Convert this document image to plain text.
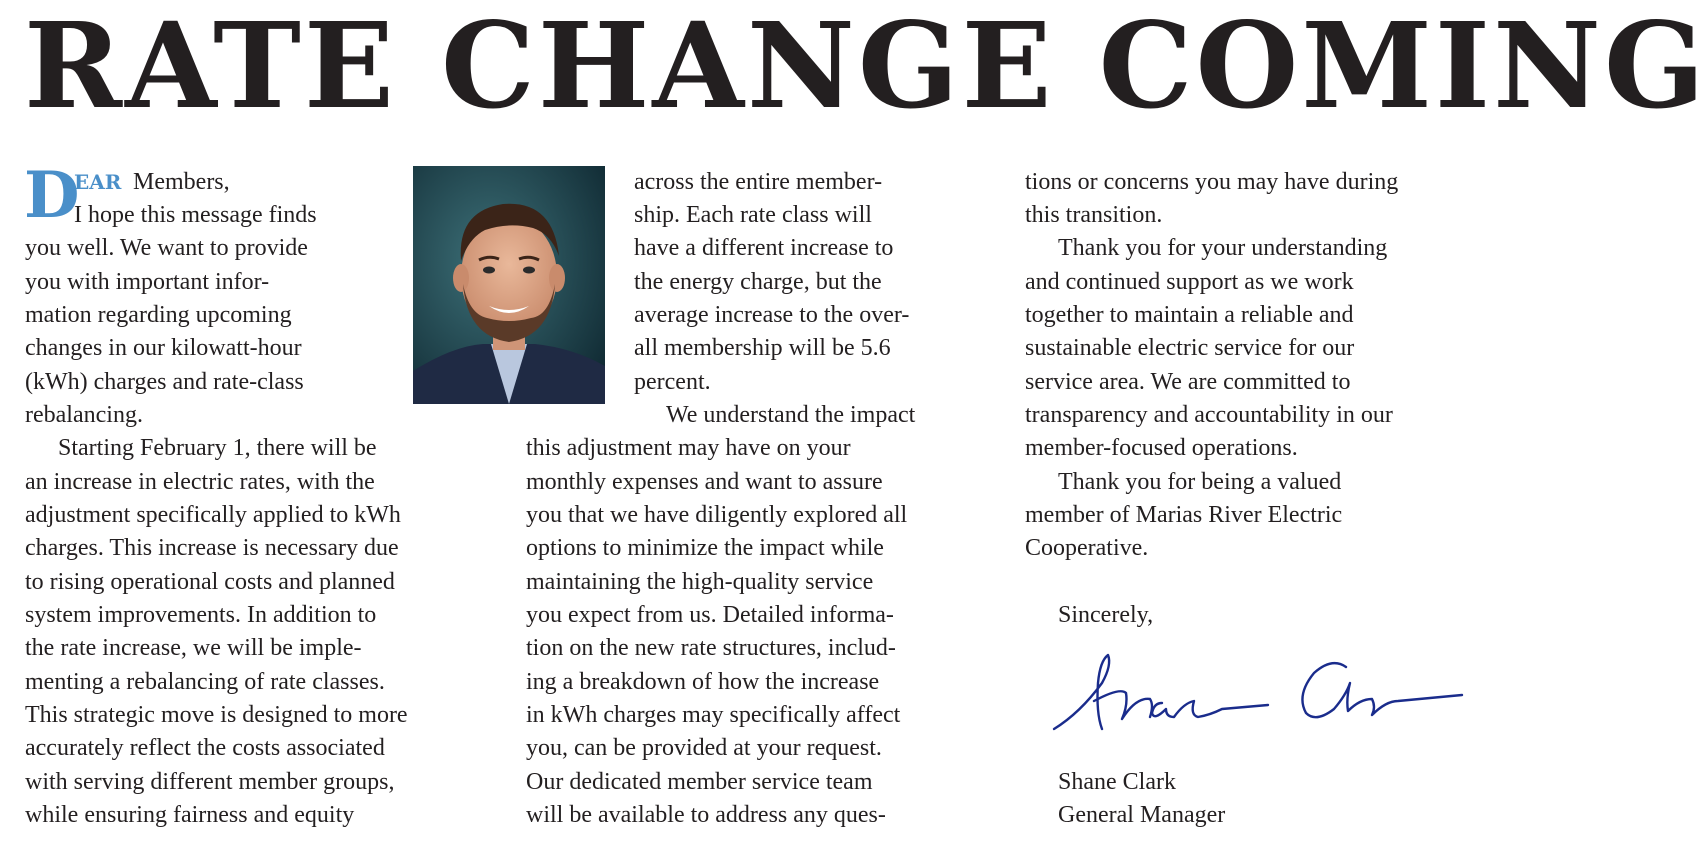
RATE CHANGE COMING
D
EAR Members,
I hope this message finds
you well. We want to provide
you with important infor-
mation regarding upcoming
changes in our kilowatt-hour
(kWh) charges and rate-class
rebalancing.
Starting February 1, there will be
an increase in electric rates, with the
adjustment specifically applied to kWh
charges. This increase is necessary due
to rising operational costs and planned
system improvements. In addition to
the rate increase, we will be imple-
menting a rebalancing of rate classes.
This strategic move is designed to more
accurately reflect the costs associated
with serving different member groups,
while ensuring fairness and equity
across the entire member-
ship. Each rate class will
have a different increase to
the energy charge, but the
average increase to the over-
all membership will be 5.6
percent.
We understand the impact
this adjustment may have on your
monthly expenses and want to assure
you that we have diligently explored all
options to minimize the impact while
maintaining the high-quality service
you expect from us. Detailed informa-
tion on the new rate structures, includ-
ing a breakdown of how the increase
in kWh charges may specifically affect
you, can be provided at your request.
Our dedicated member service team
will be available to address any ques-
tions or concerns you may have during
this transition.
Thank you for your understanding
and continued support as we work
together to maintain a reliable and
sustainable electric service for our
service area. We are committed to
transparency and accountability in our
member-focused operations.
Thank you for being a valued
member of Marias River Electric
Cooperative.
Sincerely,
Shane Clark
General Manager
